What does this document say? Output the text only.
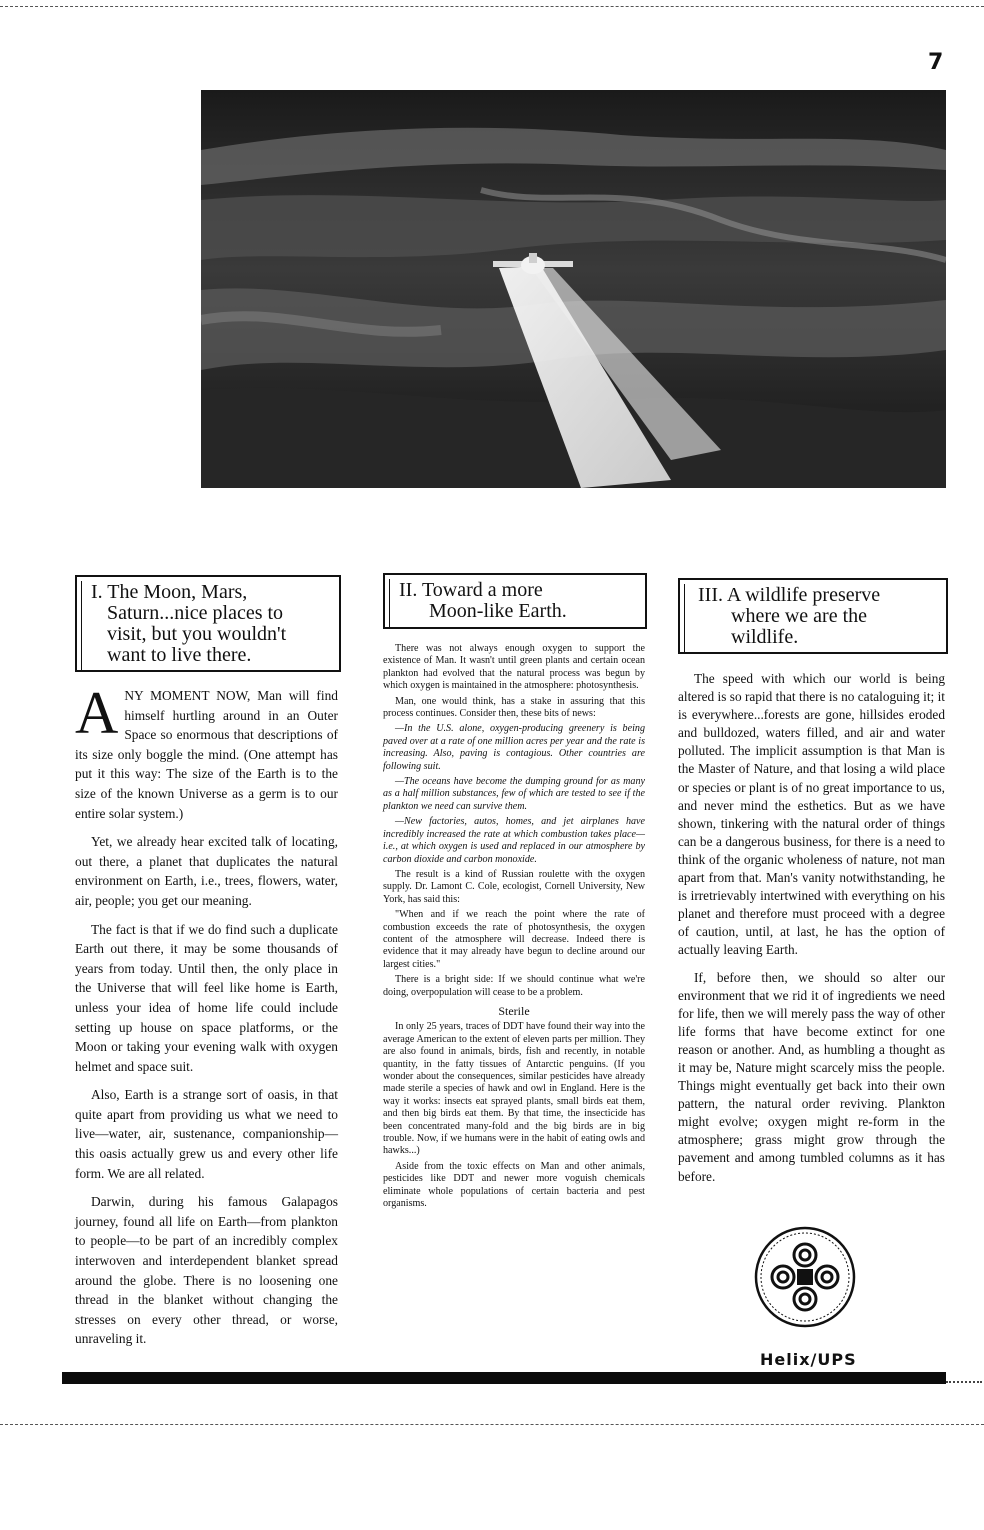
7
I. The Moon, Mars,
Saturn...nice places to
visit, but you wouldn't
want to live there.

ANY MOMENT NOW, Man will find himself hurtling around in an Outer Space so enormous that descriptions of its size only boggle the mind. (One attempt has put it this way: The size of the Earth is to the size of the known Universe as a germ is to our entire solar system.)

Yet, we already hear excited talk of locating, out there, a planet that duplicates the natural environment on Earth, i.e., trees, flowers, water, air, people; you get our meaning.

The fact is that if we do find such a duplicate Earth out there, it may be some thousands of years from today. Until then, the only place in the Universe that will feel like home is Earth, unless your idea of home life could include setting up house on space platforms, or the Moon or taking your evening walk with oxygen helmet and space suit.

Also, Earth is a strange sort of oasis, in that quite apart from providing us what we need to live—water, air, sustenance, companionship—this oasis actually grew us and every other life form. We are all related.

Darwin, during his famous Galapagos journey, found all life on Earth—from plankton to people—to be part of an incredibly complex interwoven and interdependent blanket spread around the globe. There is no loosening one thread in the blanket without changing the stresses on every other thread, or worse, unraveling it.

II. Toward a more
Moon-like Earth.

There was not always enough oxygen to support the existence of Man. It wasn't until green plants and certain ocean plankton had evolved that the natural process was begun by which oxygen is maintained in the atmosphere: photosynthesis.

Man, one would think, has a stake in assuring that this process continues. Consider then, these bits of news:

—In the U.S. alone, oxygen-producing greenery is being paved over at a rate of one million acres per year and the rate is increasing. Also, paving is contagious. Other countries are following suit.

—The oceans have become the dumping ground for as many as a half million substances, few of which are tested to see if the plankton we need can survive them.

—New factories, autos, homes, and jet airplanes have incredibly increased the rate at which combustion takes place—i.e., at which oxygen is used and replaced in our atmosphere by carbon dioxide and carbon monoxide.

The result is a kind of Russian roulette with the oxygen supply. Dr. Lamont C. Cole, ecologist, Cornell University, New York, has said this:

"When and if we reach the point where the rate of combustion exceeds the rate of photosynthesis, the oxygen content of the atmosphere will decrease. Indeed there is evidence that it may already have begun to decline around our largest cities."

There is a bright side: If we should continue what we're doing, overpopulation will cease to be a problem.

Sterile

In only 25 years, traces of DDT have found their way into the average American to the extent of eleven parts per million. They are also found in animals, birds, fish and recently, in notable quantity, in the fatty tissues of Antarctic penguins. (If you wonder about the consequences, similar pesticides have already made sterile a species of hawk and owl in England. Here is the way it works: insects eat sprayed plants, small birds eat them, and then big birds eat them. By that time, the insecticide has been concentrated many-fold and the big birds are in big trouble. Now, if we humans were in the habit of eating owls and hawks...)

Aside from the toxic effects on Man and other animals, pesticides like DDT and newer more voguish chemicals eliminate whole populations of certain bacteria and pest organisms.

III. A wildlife preserve
where we are the
wildlife.

The speed with which our world is being altered is so rapid that there is no cataloguing it; it is everywhere...forests are gone, hillsides eroded and bulldozed, waters filled, and air and water polluted. The implicit assumption is that Man is the Master of Nature, and that losing a wild place or species or plant is of no great importance to us, and never mind the esthetics. But as we have shown, tinkering with the natural order of things can be a dangerous business, for there is a need to think of the organic wholeness of nature, not man apart from that. Man's vanity notwithstanding, he is irretrievably intertwined with everything on his planet and therefore must proceed with a degree of caution, until, at last, he has the option of actually leaving Earth.

If, before then, we should so alter our environment that we rid it of ingredients we need for life, then we will merely pass the way of other life forms that have become extinct for one reason or another. And, as humbling a thought as it may be, Nature might scarcely miss the people. Things might eventually get back into their own pattern, the natural order reviving. Plankton might evolve; oxygen might re-form in the atmosphere; grass might grow through the pavement and among tumbled columns as it has before.

Helix/UPS
